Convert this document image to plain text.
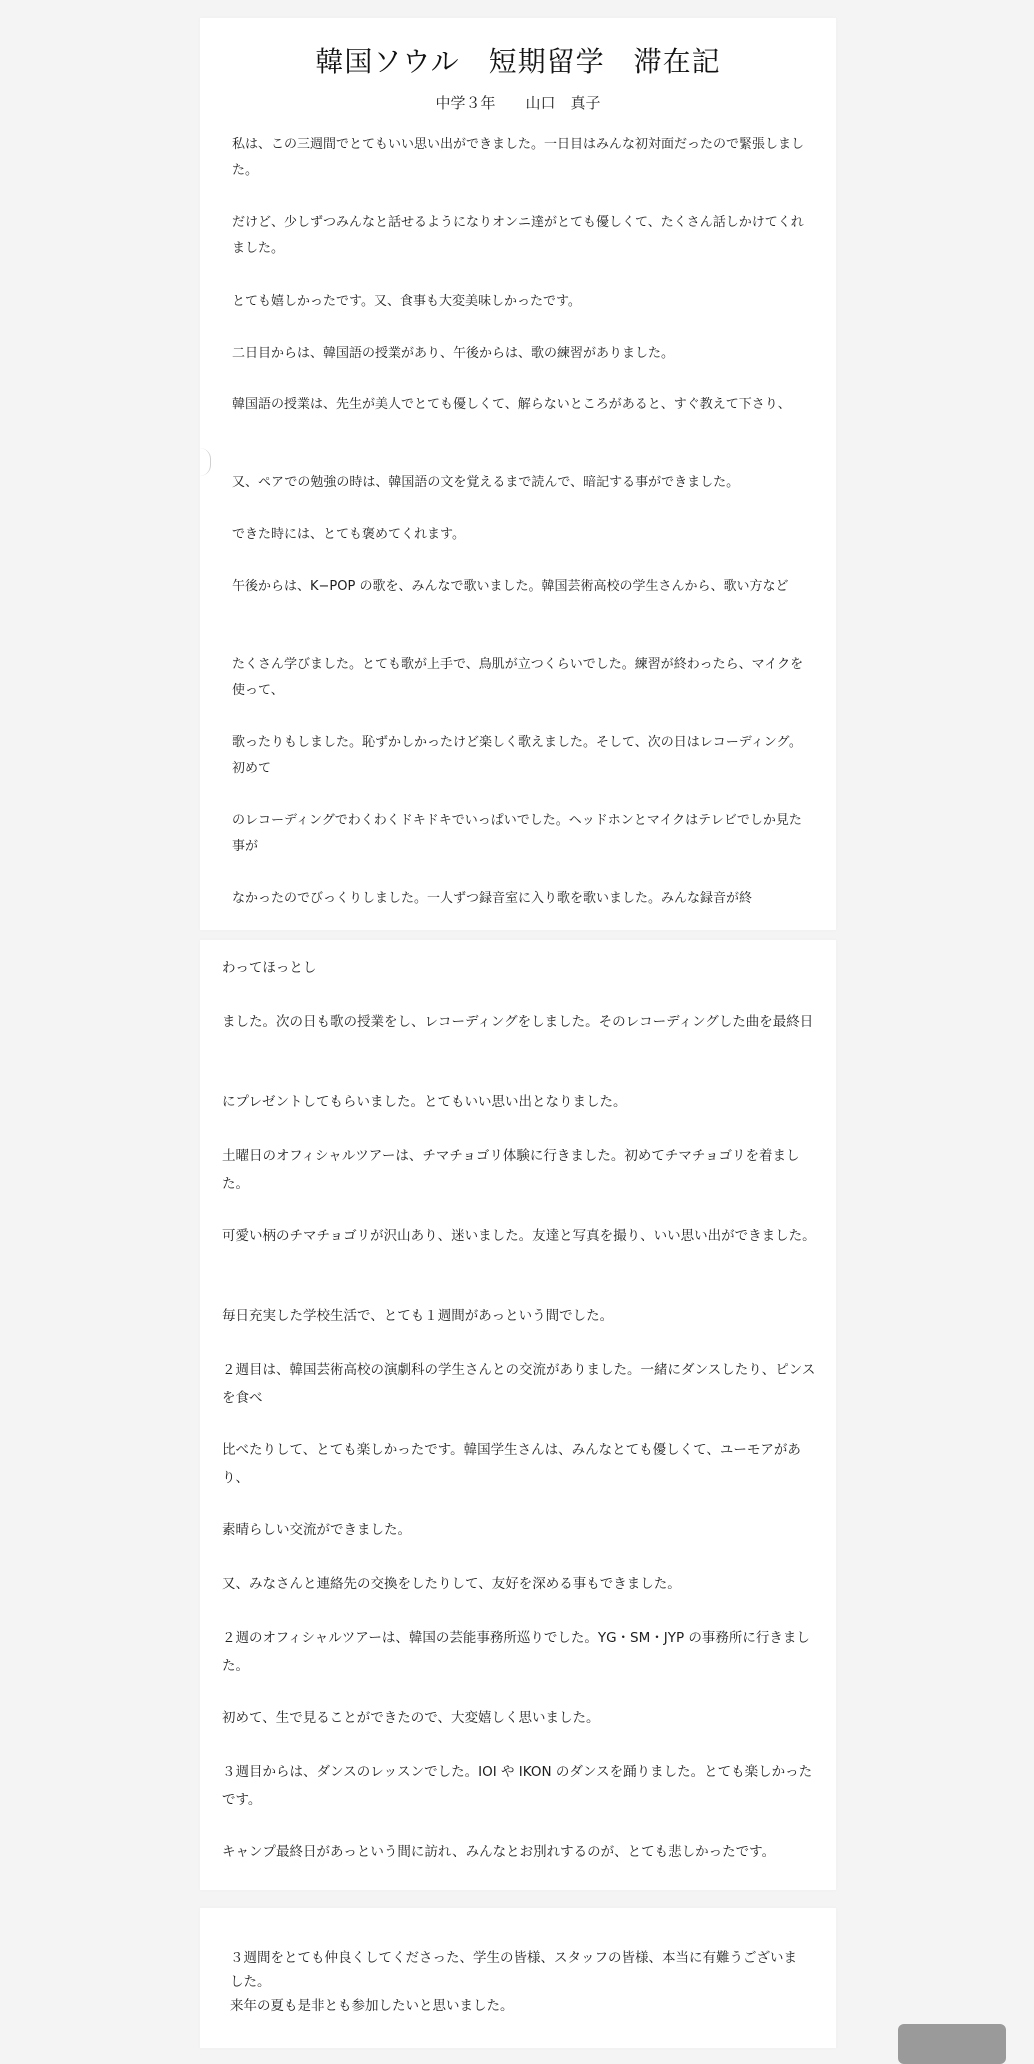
韓国ソウル　短期留学　滞在記
中学３年　　山口　真子

私は、この三週間でとてもいい思い出ができました。一日目はみんな初対面だったので緊張しました。

だけど、少しずつみんなと話せるようになりオンニ達がとても優しくて、たくさん話しかけてくれました。

とても嬉しかったです。又、食事も大変美味しかったです。

二日目からは、韓国語の授業があり、午後からは、歌の練習がありました。

韓国語の授業は、先生が美人でとても優しくて、解らないところがあると、すぐ教えて下さり、

又、ペアでの勉強の時は、韓国語の文を覚えるまで読んで、暗記する事ができました。

できた時には、とても褒めてくれます。

午後からは、K−POP の歌を、みんなで歌いました。韓国芸術高校の学生さんから、歌い方など

たくさん学びました。とても歌が上手で、鳥肌が立つくらいでした。練習が終わったら、マイクを使って、

歌ったりもしました。恥ずかしかったけど楽しく歌えました。そして、次の日はレコーディング。初めて

のレコーディングでわくわくドキドキでいっぱいでした。ヘッドホンとマイクはテレビでしか見た事が

なかったのでびっくりしました。一人ずつ録音室に入り歌を歌いました。みんな録音が終

わってほっとし

ました。次の日も歌の授業をし、レコーディングをしました。そのレコーディングした曲を最終日

にプレゼントしてもらいました。とてもいい思い出となりました。

土曜日のオフィシャルツアーは、チマチョゴリ体験に行きました。初めてチマチョゴリを着ました。

可愛い柄のチマチョゴリが沢山あり、迷いました。友達と写真を撮り、いい思い出ができました。

毎日充実した学校生活で、とても１週間があっという間でした。

２週目は、韓国芸術高校の演劇科の学生さんとの交流がありました。一緒にダンスしたり、ピンスを食べ

比べたりして、とても楽しかったです。韓国学生さんは、みんなとても優しくて、ユーモアがあり、

素晴らしい交流ができました。

又、みなさんと連絡先の交換をしたりして、友好を深める事もできました。

２週のオフィシャルツアーは、韓国の芸能事務所巡りでした。YG・SM・JYP の事務所に行きました。

初めて、生で見ることができたので、大変嬉しく思いました。

３週目からは、ダンスのレッスンでした。IOI や IKON のダンスを踊りました。とても楽しかったです。

キャンプ最終日があっという間に訪れ、みんなとお別れするのが、とても悲しかったです。

３週間をとても仲良くしてくださった、学生の皆様、スタッフの皆様、本当に有難うございました。

来年の夏も是非とも参加したいと思いました。
